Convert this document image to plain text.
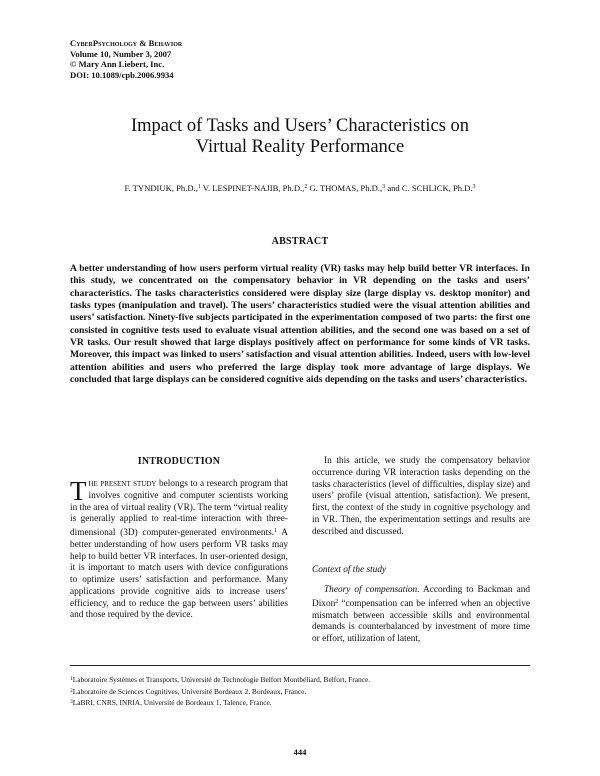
CyberPsychology & Behavior
Volume 10, Number 3, 2007
© Mary Ann Liebert, Inc.
DOI: 10.1089/cpb.2006.9934
Impact of Tasks and Users’ Characteristics on
Virtual Reality Performance
F. TYNDIUK, Ph.D.,$^1$ V. LESPINET-NAJIB, Ph.D.,$^2$ G. THOMAS, Ph.D.,$^3$ and C. SCHLICK, Ph.D.$^3$
ABSTRACT

A better understanding of how users perform virtual reality (VR) tasks may help build better VR interfaces. In this study, we concentrated on the compensatory behavior in VR depending on the tasks and users’ characteristics. The tasks characteristics considered were display size (large display vs. desktop monitor) and tasks types (manipulation and travel). The users’ characteristics studied were the visual attention abilities and users’ satisfaction. Ninety-five subjects participated in the experimentation composed of two parts: the first one consisted in cognitive tests used to evaluate visual attention abilities, and the second one was based on a set of VR tasks. Our result showed that large displays positively affect on performance for some kinds of VR tasks. Moreover, this impact was linked to users’ satisfaction and visual attention abilities. Indeed, users with low-level attention abilities and users who preferred the large display took more advantage of large displays. We concluded that large displays can be considered cognitive aids depending on the tasks and users’ characteristics.

INTRODUCTION

The present study belongs to a research program that involves cognitive and computer scientists working in the area of virtual reality (VR). The term “virtual reality is generally applied to real-time interaction with three-dimensional (3D) computer-generated environments.$^1$ A better understanding of how users perform VR tasks may help to build better VR interfaces. In user-oriented design, it is important to match users with device configurations to optimize users’ satisfaction and performance. Many applications provide cognitive aids to increase users’ efficiency, and to reduce the gap between users’ abilities and those required by the device.

In this article, we study the compensatory behavior occurrence during VR interaction tasks depending on the tasks characteristics (level of difficulties, display size) and users’ profile (visual attention, satisfaction). We present, first, the context of the study in cognitive psychology and in VR. Then, the experimentation settings and results are described and discussed.

Context of the study

Theory of compensation. According to Backman and Dixon$^2$ “compensation can be inferred when an objective mismatch between accessible skills and environmental demands is counterbalanced by investment of more time or effort, utilization of latent,

$^1$Laboratoire Systèmes et Transports, Université de Technologie Belfort Montbéliard, Belfort, France.
$^2$Laboratoire de Sciences Cognitives, Université Bordeaux 2, Bordeaux, France.
$^3$LaBRI, CNRS, INRIA, Université de Bordeaux 1, Talence, France.
444
